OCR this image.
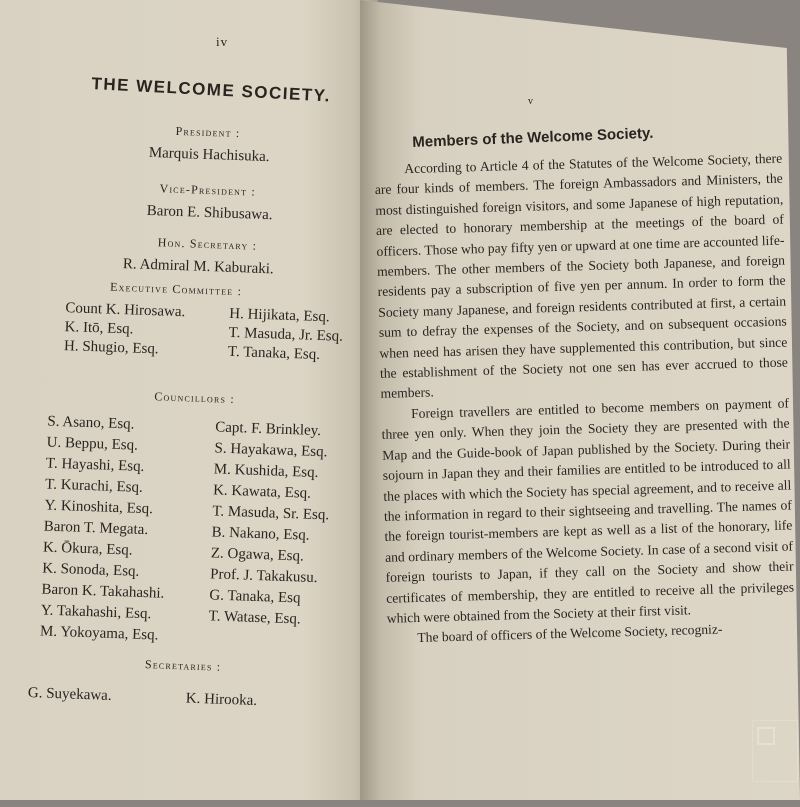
iv
THE WELCOME SOCIETY.
President :
Marquis Hachisuka.
Vice-President :
Baron E. Shibusawa.
Hon. Secretary :
R. Admiral M. Kaburaki.
Executive Committee :
Count K. Hirosawa.
K. Itō, Esq.
H. Shugio, Esq.
H. Hijikata, Esq.
T. Masuda, Jr. Esq.
T. Tanaka, Esq.
Councillors :
S. Asano, Esq.
U. Beppu, Esq.
T. Hayashi, Esq.
T. Kurachi, Esq.
Y. Kinoshita, Esq.
Baron T. Megata.
K. Ōkura, Esq.
K. Sonoda, Esq.
Baron K. Takahashi.
Y. Takahashi, Esq.
M. Yokoyama, Esq.
Capt. F. Brinkley.
S. Hayakawa, Esq.
M. Kushida, Esq.
K. Kawata, Esq.
T. Masuda, Sr. Esq.
B. Nakano, Esq.
Z. Ogawa, Esq.
Prof. J. Takakusu.
G. Tanaka, Esq
T. Watase, Esq.
Secretaries :
G. Suyekawa.	K. Hirooka.
v
Members of the Welcome Society.

According to Article 4 of the Statutes of the Welcome Society, there are four kinds of members. The foreign Ambassadors and Ministers, the most distinguished foreign visitors, and some Japanese of high reputation, are elected to honorary membership at the meetings of the board of officers. Those who pay fifty yen or upward at one time are accounted life-members. The other members of the Society both Japanese, and foreign residents pay a subscription of five yen per annum. In order to form the Society many Japanese, and foreign residents contributed at first, a certain sum to defray the expenses of the Society, and on subsequent occasions when need has arisen they have supplemented this contribution, but since the establishment of the Society not one sen has ever accrued to those members.

Foreign travellers are entitled to become members on payment of three yen only. When they join the Society they are presented with the Map and the Guide-book of Japan published by the Society. During their sojourn in Japan they and their families are entitled to be introduced to all the places with which the Society has special agreement, and to receive all the information in regard to their sightseeing and travelling. The names of the foreign tourist-members are kept as well as a list of the honorary, life and ordinary members of the Welcome Society. In case of a second visit of foreign tourists to Japan, if they call on the Society and show their certificates of membership, they are entitled to receive all the privileges which were obtained from the Society at their first visit.

The board of officers of the Welcome Society, recogniz-
